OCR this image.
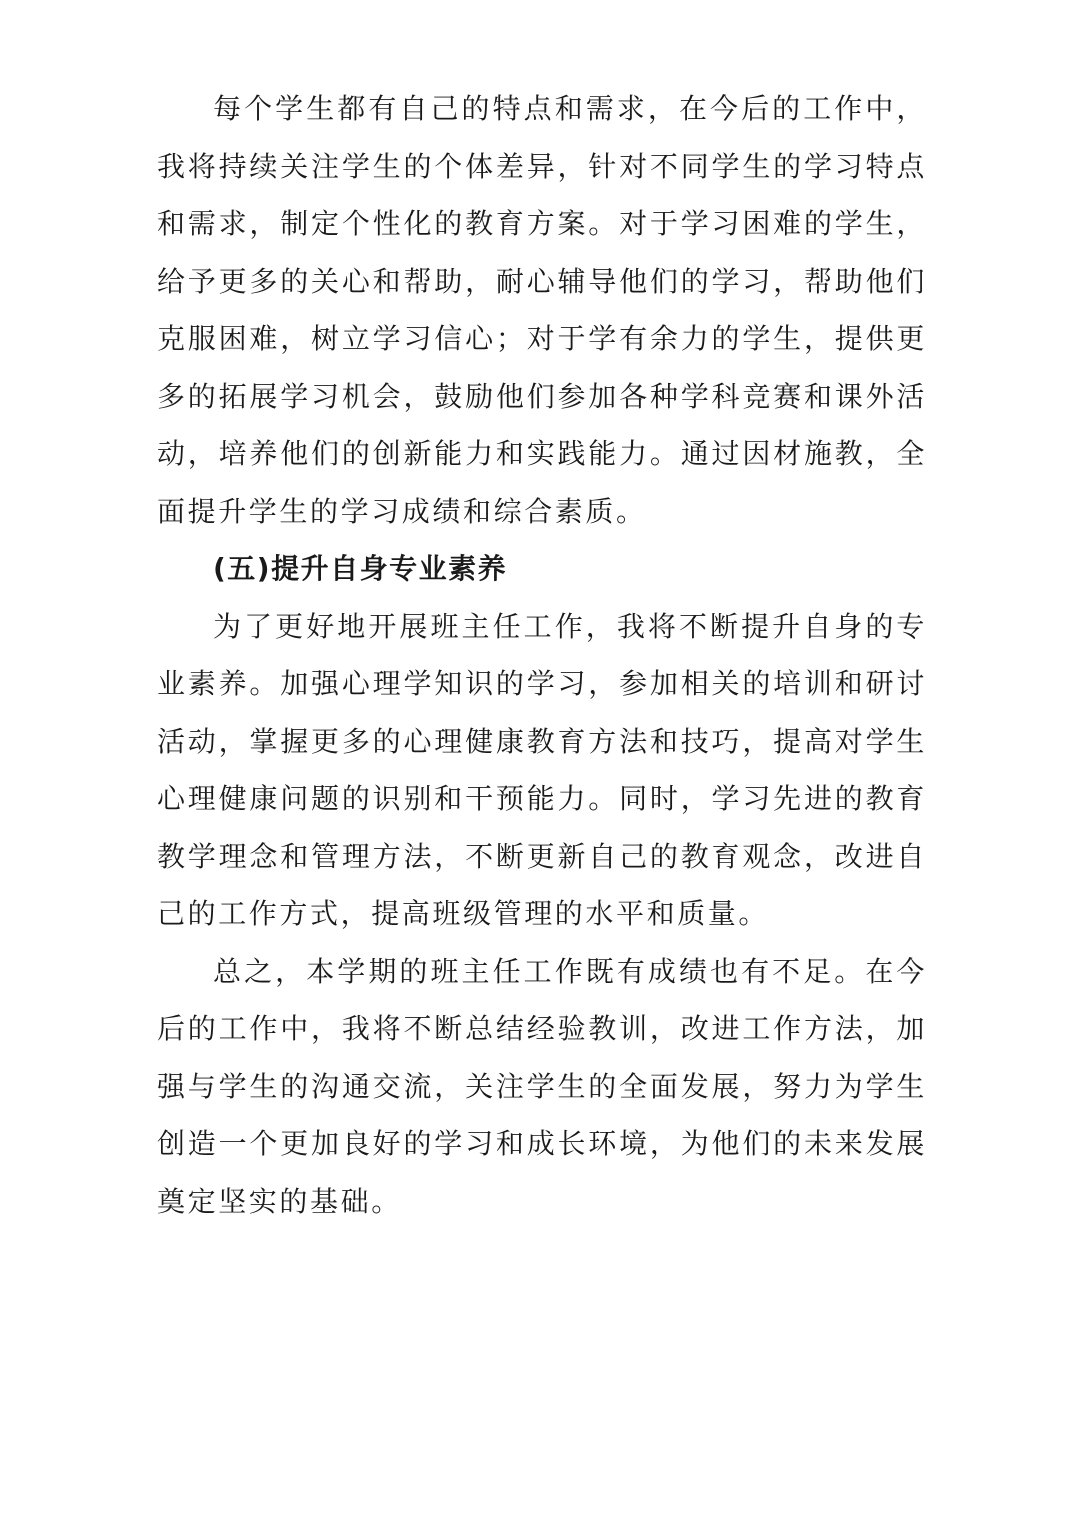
每个学生都有自己的特点和需求，在今后的工作中，我将持续关注学生的个体差异，针对不同学生的学习特点和需求，制定个性化的教育方案。对于学习困难的学生，给予更多的关心和帮助，耐心辅导他们的学习，帮助他们克服困难，树立学习信心；对于学有余力的学生，提供更多的拓展学习机会，鼓励他们参加各种学科竞赛和课外活动，培养他们的创新能力和实践能力。通过因材施教，全面提升学生的学习成绩和综合素质。

(五)提升自身专业素养

为了更好地开展班主任工作，我将不断提升自身的专业素养。加强心理学知识的学习，参加相关的培训和研讨活动，掌握更多的心理健康教育方法和技巧，提高对学生心理健康问题的识别和干预能力。同时，学习先进的教育教学理念和管理方法，不断更新自己的教育观念，改进自己的工作方式，提高班级管理的水平和质量。

总之，本学期的班主任工作既有成绩也有不足。在今后的工作中，我将不断总结经验教训，改进工作方法，加强与学生的沟通交流，关注学生的全面发展，努力为学生创造一个更加良好的学习和成长环境，为他们的未来发展奠定坚实的基础。
